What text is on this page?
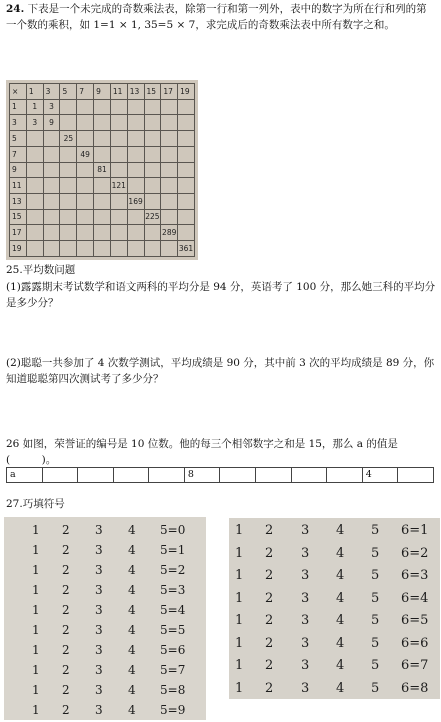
24. 下表是一个未完成的奇数乘法表，除第一行和第一列外，表中的数字为所在行和列的第一个数的乘积，如 1=1 × 1, 35=5 × 7，求完成后的奇数乘法表中所有数字之和。
×	1	3	5	7	9	11	13	15	17	19
1	1	3								
3	3	9								
5			25							
7				49						
9					81					
11						121				
13							169			
15								225		
17									289	
19										361
25.平均数问题
(1)露露期末考试数学和语文两科的平均分是 94 分，英语考了 100 分，那么她三科的平均分是多少分？
(2)聪聪一共参加了 4 次数学测试，平均成绩是 90 分，其中前 3 次的平均成绩是 89 分，你知道聪聪第四次测试考了多少分？
26 如图，荣誉证的编号是 10 位数。他的每三个相邻数字之和是 15，那么 a 的值是(　　　)。
a					8					4	
27.巧填符号
1	2	3	4	5=0
1	2	3	4	5=1
1	2	3	4	5=2
1	2	3	4	5=3
1	2	3	4	5=4
1	2	3	4	5=5
1	2	3	4	5=6
1	2	3	4	5=7
1	2	3	4	5=8
1	2	3	4	5=9
1	2	3	4	5	6=1
1	2	3	4	5	6=2
1	2	3	4	5	6=3
1	2	3	4	5	6=4
1	2	3	4	5	6=5
1	2	3	4	5	6=6
1	2	3	4	5	6=7
1	2	3	4	5	6=8
